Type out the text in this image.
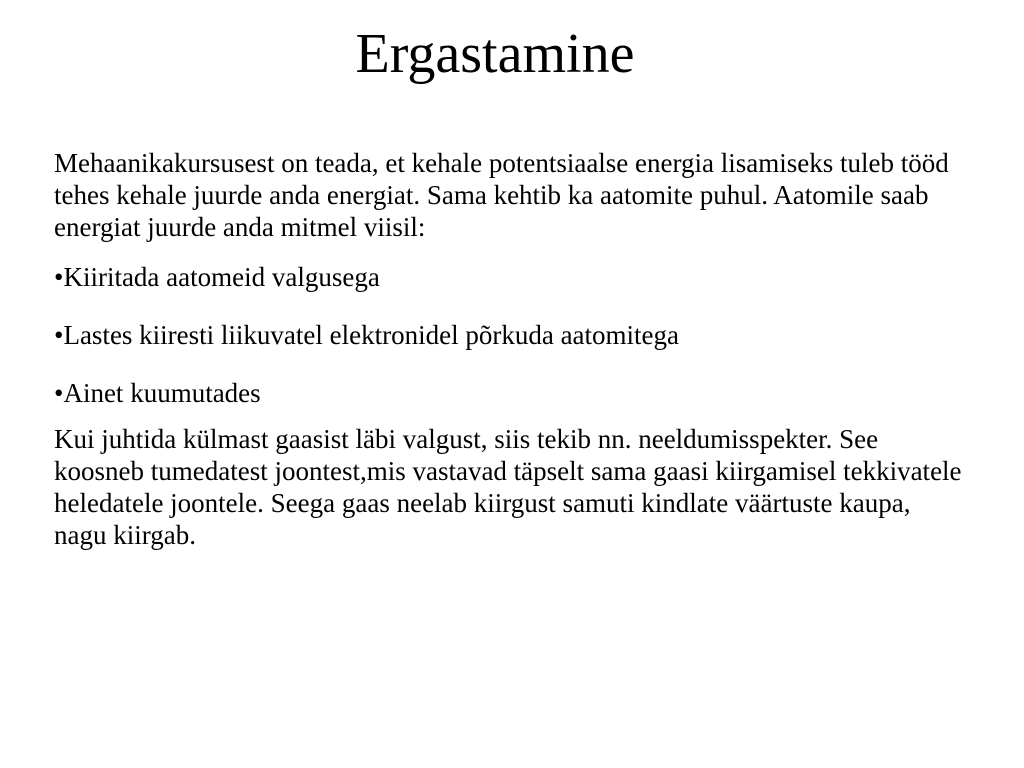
Ergastamine

Mehaanikakursusest on teada, et kehale potentsiaalse energia lisamiseks tuleb tööd tehes kehale juurde anda energiat. Sama kehtib ka aatomite puhul. Aatomile saab energiat juurde anda mitmel viisil:

•Kiiritada aatomeid valgusega

•Lastes kiiresti liikuvatel elektronidel põrkuda aatomitega

•Ainet kuumutades

Kui juhtida külmast gaasist läbi valgust, siis tekib nn. neeldumisspekter. See koosneb tumedatest joontest,mis vastavad täpselt sama gaasi kiirgamisel tekkivatele heledatele joontele. Seega gaas neelab kiirgust samuti kindlate väärtuste kaupa, nagu kiirgab.
